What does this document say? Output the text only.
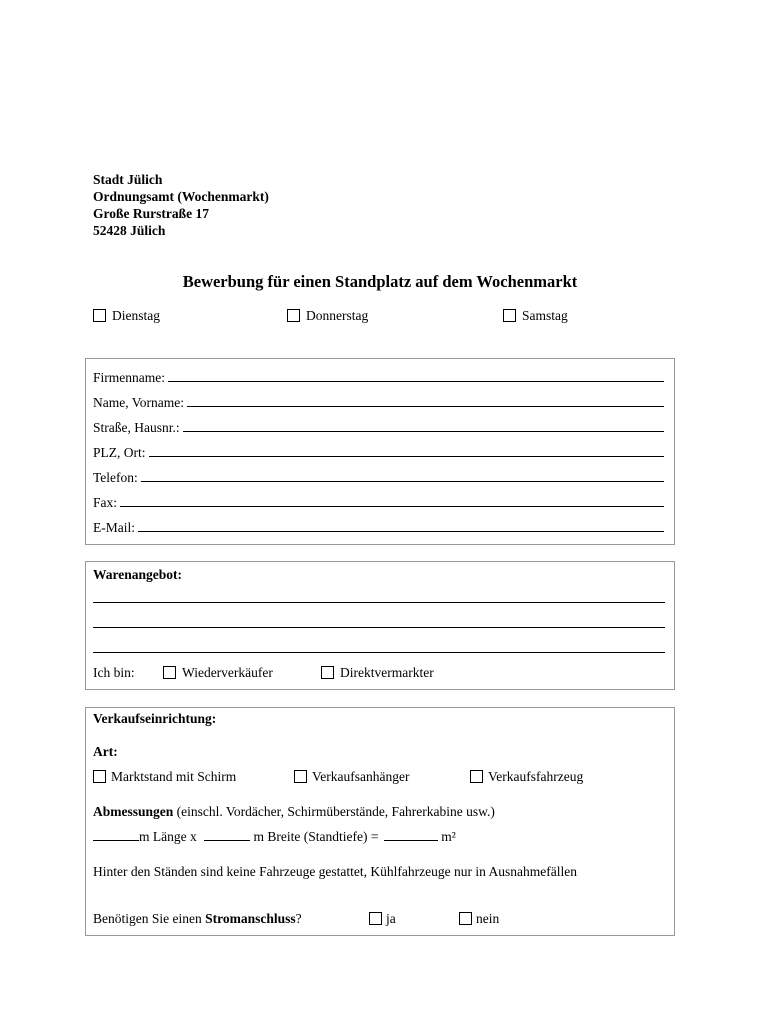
Stadt Jülich
Ordnungsamt (Wochenmarkt)
Große Rurstraße 17
52428 Jülich
Bewerbung für einen Standplatz auf dem Wochenmarkt
Dienstag	Donnerstag	Samstag
Firmenname:
Name, Vorname:
Straße, Hausnr.:
PLZ, Ort:
Telefon:
Fax:
E-Mail:
Warenangebot:
Ich bin:	Wiederverkäufer	Direktvermarkter
Verkaufseinrichtung:
Art:
Marktstand mit Schirm	Verkaufsanhänger	Verkaufsfahrzeug
Abmessungen (einschl. Vordächer, Schirmüberstände, Fahrerkabine usw.)
m Länge x	m Breite (Standtiefe) =	m²
Hinter den Ständen sind keine Fahrzeuge gestattet, Kühlfahrzeuge nur in Ausnahmefällen
Benötigen Sie einen Stromanschluss?	ja	nein
